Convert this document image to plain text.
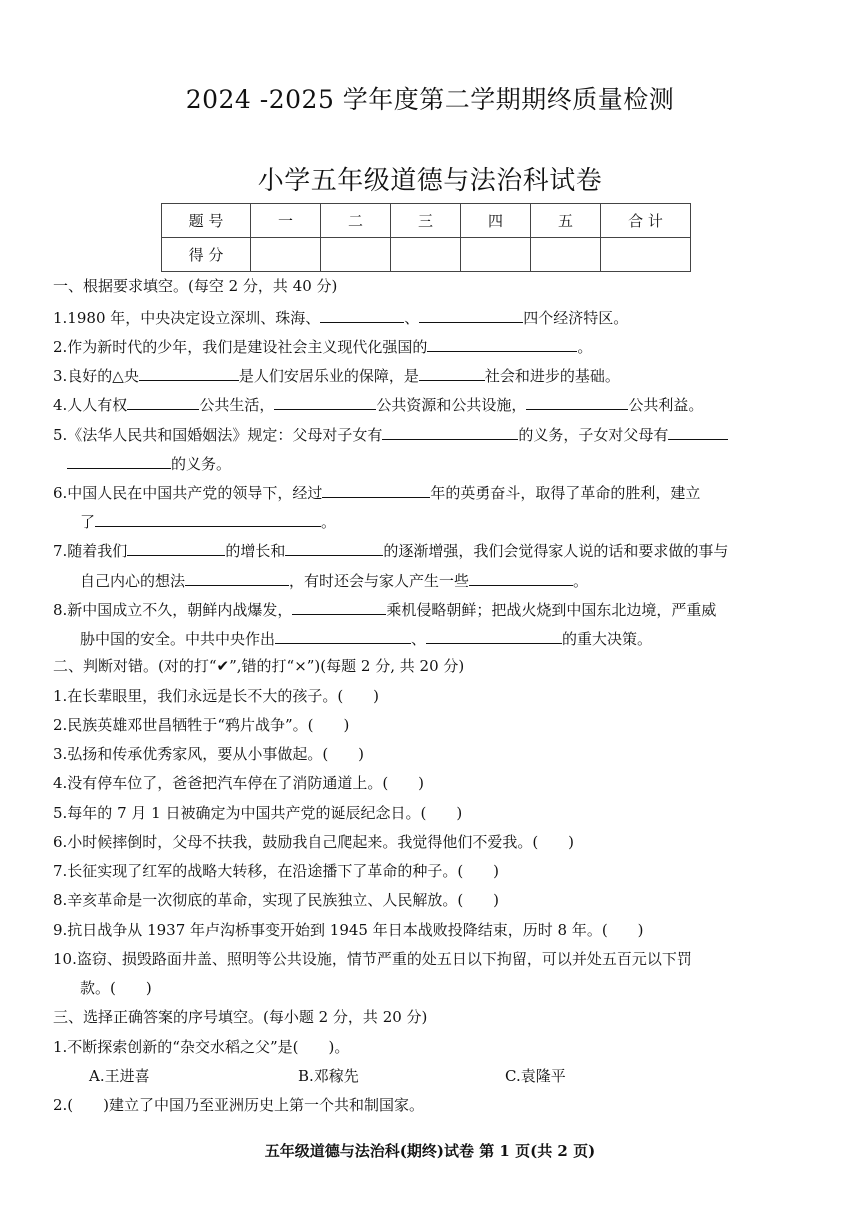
2024 -2025 学年度第二学期期终质量检测
小学五年级道德与法治科试卷
题 号	一	二	三	四	五	合 计
得 分						
一、根据要求填空。(每空 2 分，共 40 分)
1.1980 年，中央决定设立深圳、珠海、	、	四个经济特区。
2.作为新时代的少年，我们是建设社会主义现代化强国的	。
3.良好的△央	是人们安居乐业的保障，是	社会和进步的基础。
4.人人有权	公共生活，	公共资源和公共设施，	公共利益。
5.《法华人民共和国婚姻法》规定：父母对子女有	的义务，子女对父母有
的义务。
6.中国人民在中国共产党的领导下，经过	年的英勇奋斗，取得了革命的胜利，建立
了	。
7.随着我们	的增长和	的逐渐增强，我们会觉得家人说的话和要求做的事与
自己内心的想法	，有时还会与家人产生一些	。
8.新中国成立不久，朝鲜内战爆发，	乘机侵略朝鲜；把战火烧到中国东北边境，严重威
胁中国的安全。中共中央作出	、	的重大决策。
二、判断对错。(对的打“✔”,错的打“×”)(每题 2 分, 共 20 分)
1.在长辈眼里，我们永远是长不大的孩子。(　　)
2.民族英雄邓世昌牺牲于“鸦片战争”。(　　)
3.弘扬和传承优秀家风，要从小事做起。(　　)
4.没有停车位了，爸爸把汽车停在了消防通道上。(　　)
5.每年的 7 月 1 日被确定为中国共产党的诞辰纪念日。(　　)
6.小时候摔倒时，父母不扶我，鼓励我自己爬起来。我觉得他们不爱我。(　　)
7.长征实现了红军的战略大转移，在沿途播下了革命的种子。(　　)
8.辛亥革命是一次彻底的革命，实现了民族独立、人民解放。(　　)
9.抗日战争从 1937 年卢沟桥事变开始到 1945 年日本战败投降结束，历时 8 年。(　　)
10.盗窃、损毁路面井盖、照明等公共设施，情节严重的处五日以下拘留，可以并处五百元以下罚
款。(　　)
三、选择正确答案的序号填空。(每小题 2 分，共 20 分)
1.不断探索创新的“杂交水稻之父”是(　　)。
A.王进喜	B.邓稼先	C.袁隆平
2.(　　)建立了中国乃至亚洲历史上第一个共和制国家。
五年级道德与法治科(期终)试卷 第 1 页(共 2 页)
